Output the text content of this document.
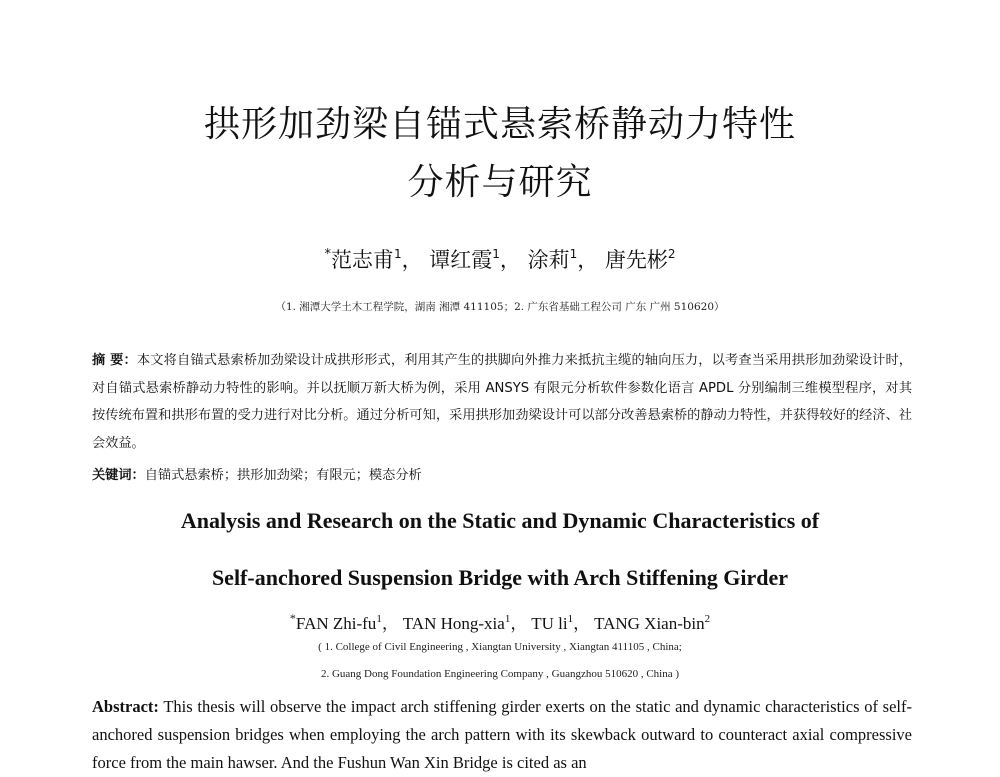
拱形加劲梁自锚式悬索桥静动力特性
分析与研究
*范志甫$^1$， 谭红霞$^1$， 涂莉$^1$， 唐先彬$^2$
（1. 湘潭大学土木工程学院，湖南 湘潭 411105；2. 广东省基础工程公司 广东 广州 510620）
摘 要：本文将自锚式悬索桥加劲梁设计成拱形形式，利用其产生的拱脚向外推力来抵抗主缆的轴向压力，以考查当采用拱形加劲梁设计时，对自锚式悬索桥静动力特性的影响。并以抚顺万新大桥为例，采用 ANSYS 有限元分析软件参数化语言 APDL 分别编制三维模型程序，对其按传统布置和拱形布置的受力进行对比分析。通过分析可知，采用拱形加劲梁设计可以部分改善悬索桥的静动力特性，并获得较好的经济、社会效益。
关键词：自锚式悬索桥；拱形加劲梁；有限元；模态分析
Analysis and Research on the Static and Dynamic Characteristics of
Self-anchored Suspension Bridge with Arch Stiffening Girder
*FAN Zhi-$fu^1$， TAN Hong-xia$^1$， TU $li^1$， TANG Xian-bin$^2$
( 1. College of Civil Engineering , Xiangtan University , Xiangtan 411105 , China;
2. Guang Dong Foundation Engineering Company , Guangzhou 510620 , China )
Abstract: This thesis will observe the impact arch stiffening girder exerts on the static and dynamic characteristics of self-anchored suspension bridges when employing the arch pattern with its skewback outward to counteract axial compressive force from the main hawser. And the Fushun Wan Xin Bridge is cited as an
